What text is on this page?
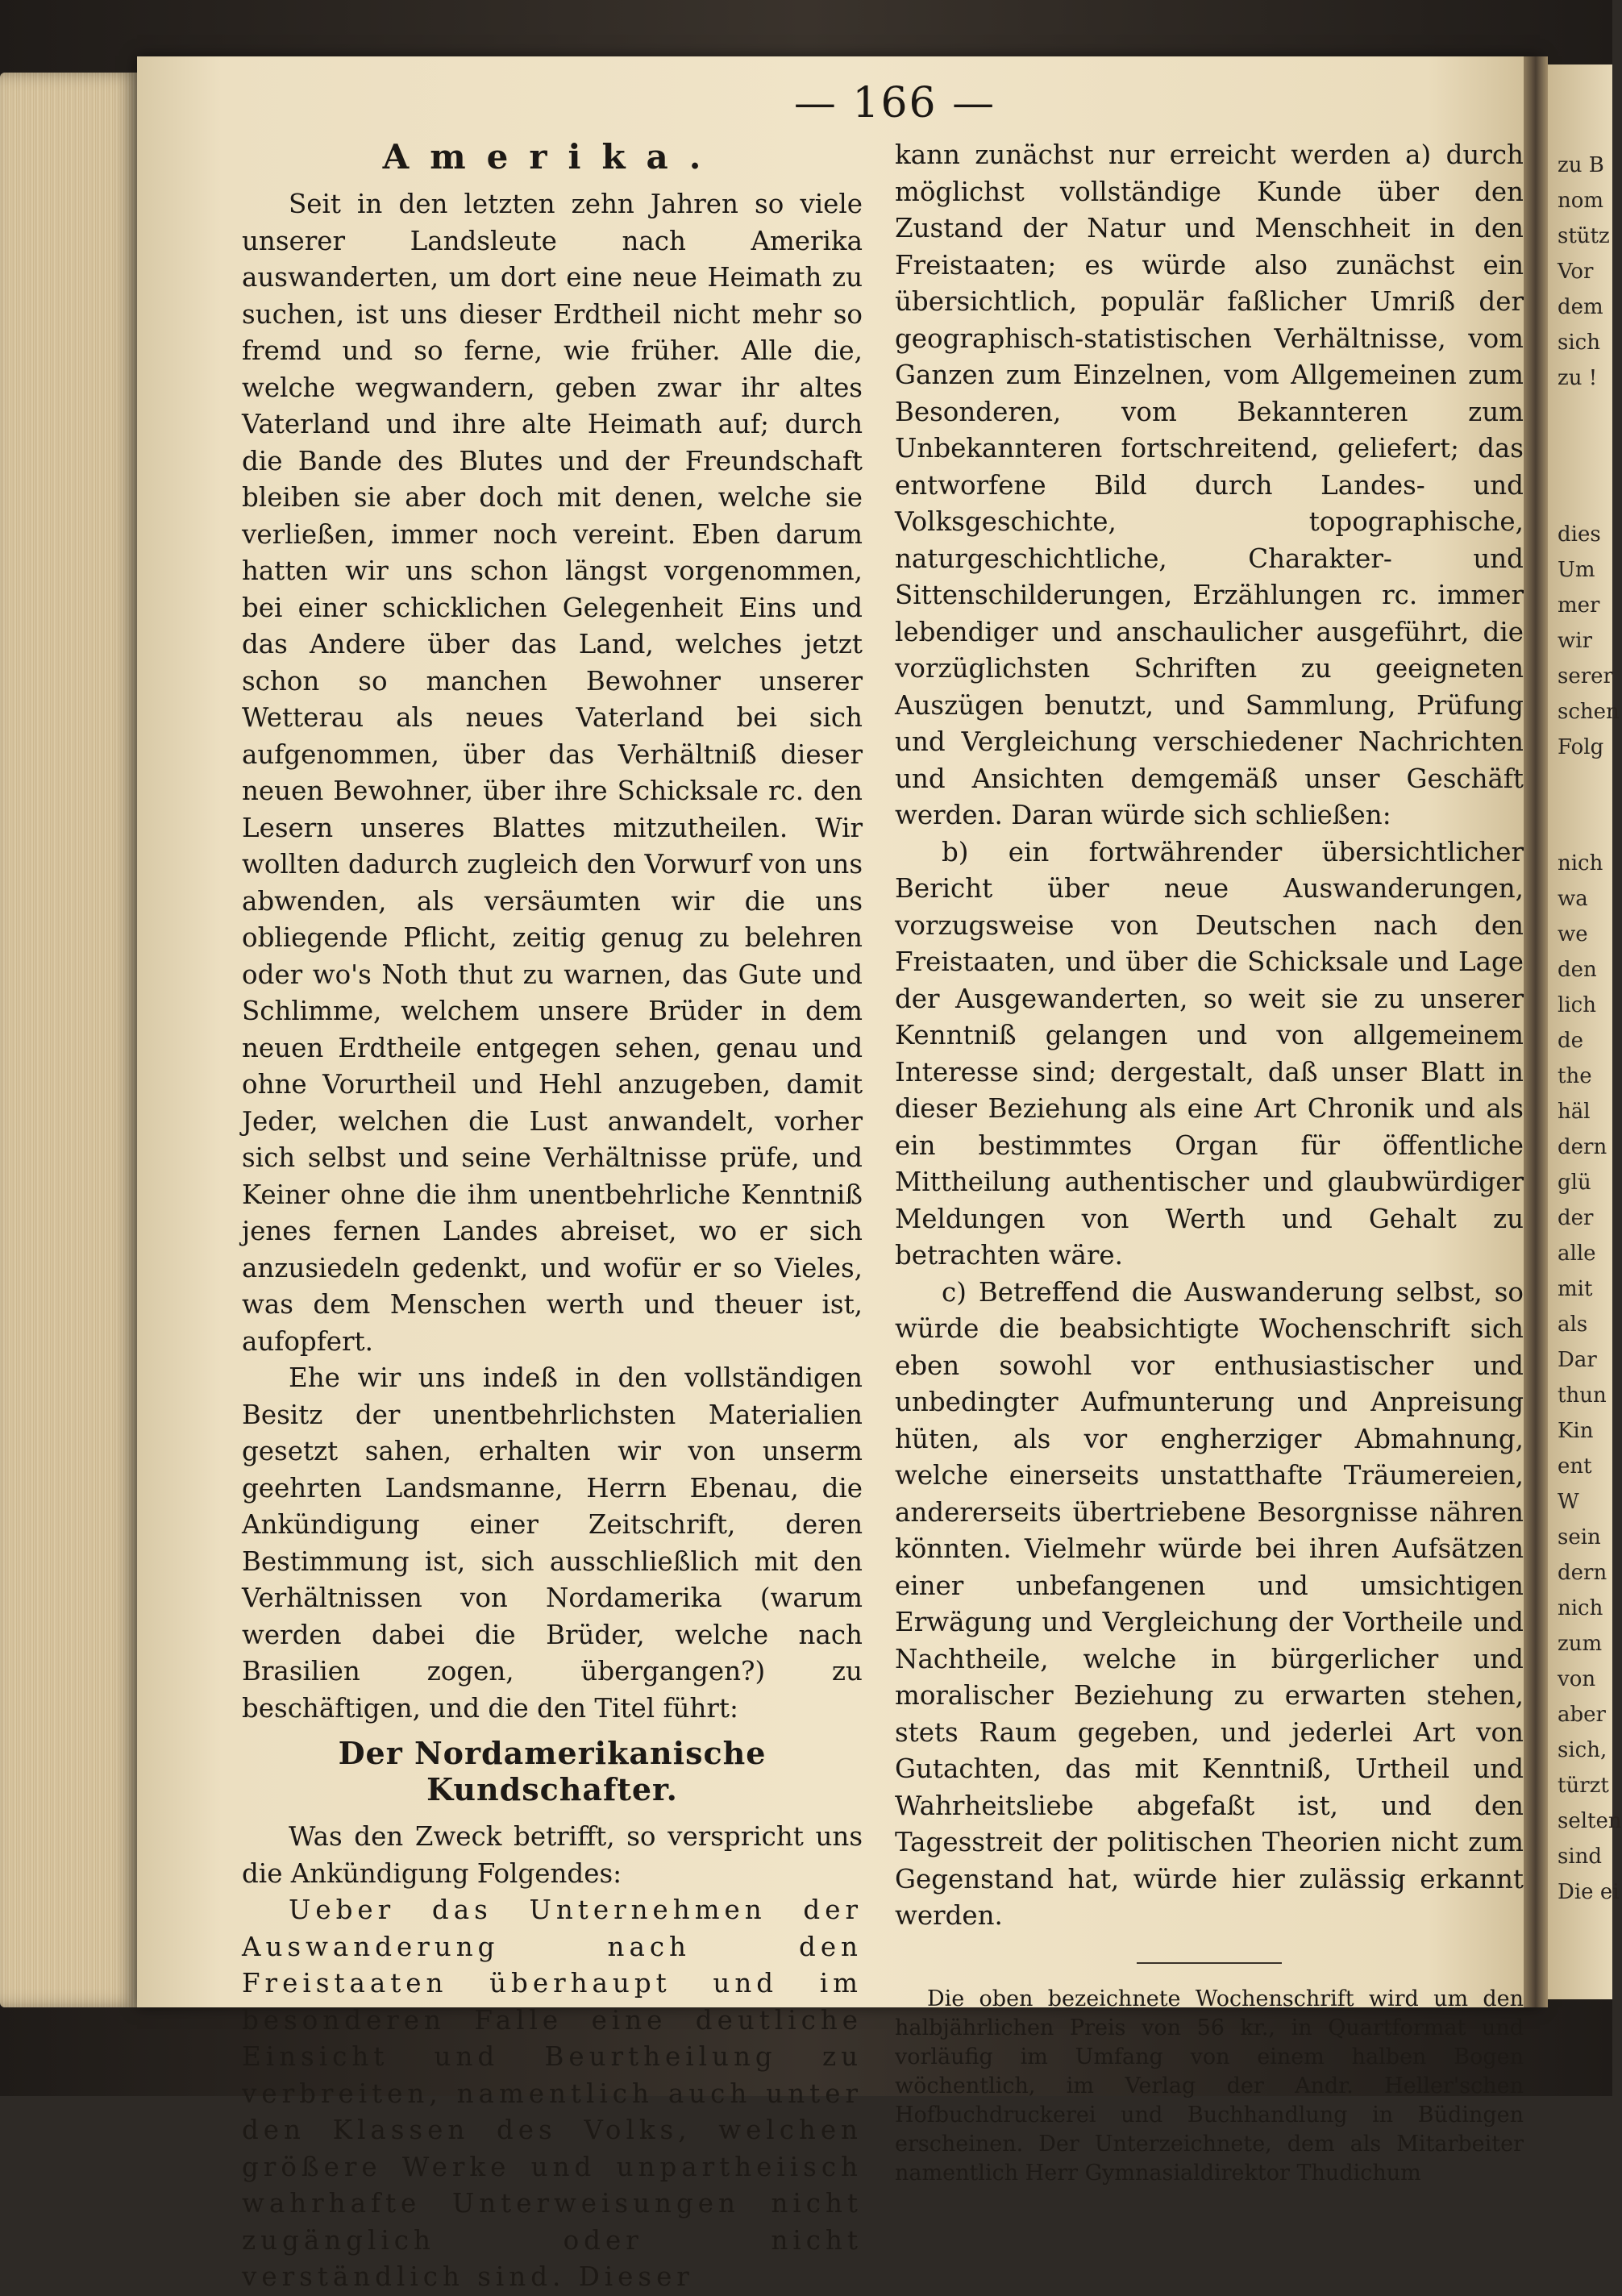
zu B
nom
stütz
Vor
dem
sich
zu !
dies
Um
mer
wir
serer
schen
Folg
nich
wa
we
den
lich
de
the
häl
dern
glü
der
alle
mit
als
Dar
thun
Kin
ent
W
sein
dern
nich
zum
von
aber
sich,
türzt
selten
sind
Die ei
— 166 —
Amerika.

Seit in den letzten zehn Jahren so viele unserer Landsleute nach Amerika auswanderten, um dort eine neue Heimath zu suchen, ist uns dieser Erdtheil nicht mehr so fremd und so ferne, wie früher. Alle die, welche wegwandern, geben zwar ihr altes Vaterland und ihre alte Heimath auf; durch die Bande des Blutes und der Freundschaft bleiben sie aber doch mit denen, welche sie verließen, immer noch vereint. Eben darum hatten wir uns schon längst vorgenommen, bei einer schicklichen Gelegenheit Eins und das Andere über das Land, welches jetzt schon so manchen Bewohner unserer Wetterau als neues Vaterland bei sich aufgenommen, über das Verhältniß dieser neuen Bewohner, über ihre Schicksale rc. den Lesern unseres Blattes mitzutheilen. Wir wollten dadurch zugleich den Vorwurf von uns abwenden, als versäumten wir die uns obliegende Pflicht, zeitig genug zu belehren oder wo's Noth thut zu warnen, das Gute und Schlimme, welchem unsere Brüder in dem neuen Erdtheile entgegen sehen, genau und ohne Vorurtheil und Hehl anzugeben, damit Jeder, welchen die Lust anwandelt, vorher sich selbst und seine Verhältnisse prüfe, und Keiner ohne die ihm unentbehrliche Kenntniß jenes fernen Landes abreiset, wo er sich anzusiedeln gedenkt, und wofür er so Vieles, was dem Menschen werth und theuer ist, aufopfert.

Ehe wir uns indeß in den vollständigen Besitz der unentbehrlichsten Materialien gesetzt sahen, erhalten wir von unserm geehrten Landsmanne, Herrn Ebenau, die Ankündigung einer Zeitschrift, deren Bestimmung ist, sich ausschließlich mit den Verhältnissen von Nordamerika (warum werden dabei die Brüder, welche nach Brasilien zogen, übergangen?) zu beschäftigen, und die den Titel führt:

Der Nordamerikanische Kundschafter.

Was den Zweck betrifft, so verspricht uns die Ankündigung Folgendes:

Ueber das Unternehmen der Auswanderung nach den Freistaaten überhaupt und im besonderen Falle eine deutliche Einsicht und Beurtheilung zu verbreiten, namentlich auch unter den Klassen des Volks, welchen größere Werke und unpartheiisch wahrhafte Unterweisungen nicht zugänglich oder nicht verständlich sind. Dieser

kann zunächst nur erreicht werden a) durch möglichst vollständige Kunde über den Zustand der Natur und Menschheit in den Freistaaten; es würde also zunächst ein übersichtlich, populär faßlicher Umriß der geographisch-statistischen Verhältnisse, vom Ganzen zum Einzelnen, vom Allgemeinen zum Besonderen, vom Bekannteren zum Unbekannteren fortschreitend, geliefert; das entworfene Bild durch Landes- und Volksgeschichte, topographische, naturgeschichtliche, Charakter- und Sittenschilderungen, Erzählungen rc. immer lebendiger und anschaulicher ausgeführt, die vorzüglichsten Schriften zu geeigneten Auszügen benutzt, und Sammlung, Prüfung und Vergleichung verschiedener Nachrichten und Ansichten demgemäß unser Geschäft werden. Daran würde sich schließen:

b) ein fortwährender übersichtlicher Bericht über neue Auswanderungen, vorzugsweise von Deutschen nach den Freistaaten, und über die Schicksale und Lage der Ausgewanderten, so weit sie zu unserer Kenntniß gelangen und von allgemeinem Interesse sind; dergestalt, daß unser Blatt in dieser Beziehung als eine Art Chronik und als ein bestimmtes Organ für öffentliche Mittheilung authentischer und glaubwürdiger Meldungen von Werth und Gehalt zu betrachten wäre.

c) Betreffend die Auswanderung selbst, so würde die beabsichtigte Wochenschrift sich eben sowohl vor enthusiastischer und unbedingter Aufmunterung und Anpreisung hüten, als vor engherziger Abmahnung, welche einerseits unstatthafte Träumereien, andererseits übertriebene Besorgnisse nähren könnten. Vielmehr würde bei ihren Aufsätzen einer unbefangenen und umsichtigen Erwägung und Vergleichung der Vortheile und Nachtheile, welche in bürgerlicher und moralischer Beziehung zu erwarten stehen, stets Raum gegeben, und jederlei Art von Gutachten, das mit Kenntniß, Urtheil und Wahrheitsliebe abgefaßt ist, und den Tagesstreit der politischen Theorien nicht zum Gegenstand hat, würde hier zulässig erkannt werden.

Die oben bezeichnete Wochenschrift wird um den halbjährlichen Preis von 56 kr., in Quartformat und vorläufig im Umfang von einem halben Bogen wöchentlich, im Verlag der Andr. Heller'schen Hofbuchdruckerei und Buchhandlung in Büdingen erscheinen. Der Unterzeichnete, dem als Mitarbeiter namentlich Herr Gymnasialdirektor Thudichum
